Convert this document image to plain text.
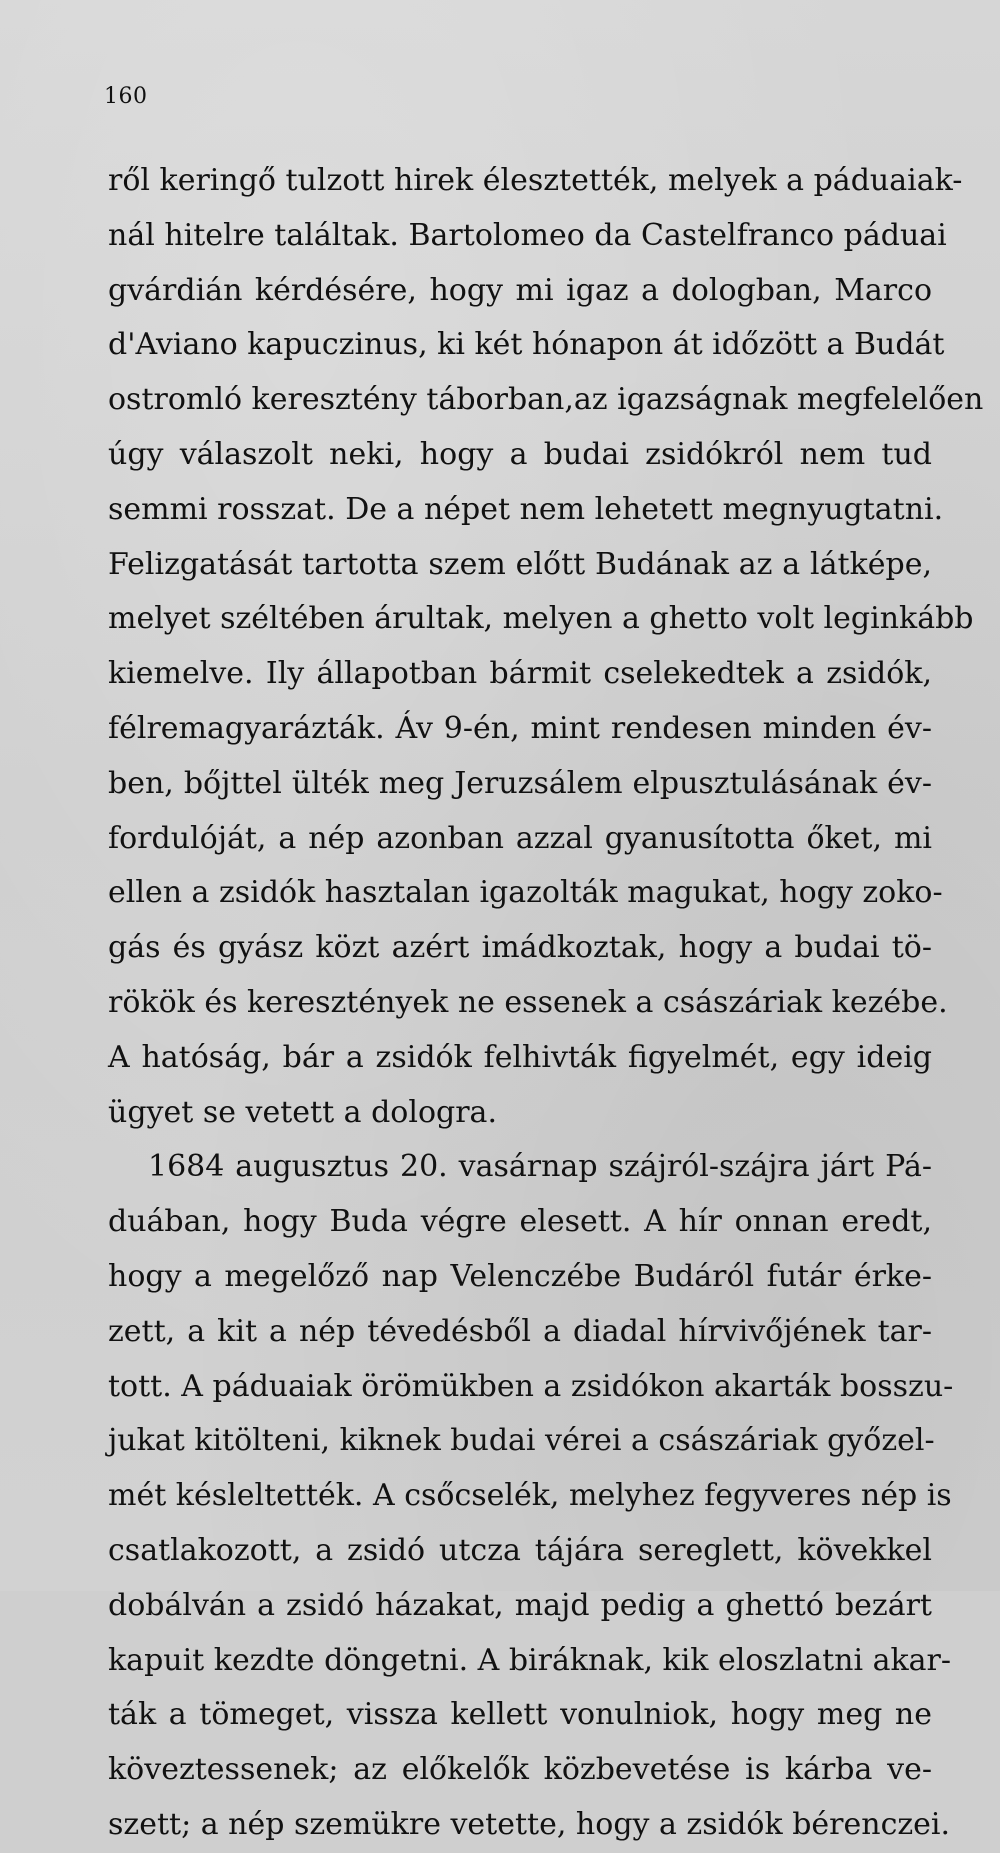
160
ről keringő tulzott hirek élesztették, melyek a páduaiak-
nál hitelre találtak. Bartolomeo da Castelfranco páduai
gvárdián kérdésére, hogy mi igaz a dologban, Marco
d'Aviano kapuczinus, ki két hónapon át időzött a Budát
ostromló keresztény táborban,az igazságnak megfelelően
úgy válaszolt neki, hogy a budai zsidókról nem tud
semmi rosszat. De a népet nem lehetett megnyugtatni.
Felizgatását tartotta szem előtt Budának az a látképe,
melyet széltében árultak, melyen a ghetto volt leginkább
kiemelve. Ily állapotban bármit cselekedtek a zsidók,
félremagyarázták. Áv 9-én, mint rendesen minden év-
ben, bőjttel ülték meg Jeruzsálem elpusztulásának év-
fordulóját, a nép azonban azzal gyanusította őket, mi
ellen a zsidók hasztalan igazolták magukat, hogy zoko-
gás és gyász közt azért imádkoztak, hogy a budai tö-
rökök és keresztények ne essenek a császáriak kezébe.
A hatóság, bár a zsidók felhivták figyelmét, egy ideig
ügyet se vetett a dologra.
1684 augusztus 20. vasárnap szájról-szájra járt Pá-
duában, hogy Buda végre elesett. A hír onnan eredt,
hogy a megelőző nap Velenczébe Budáról futár érke-
zett, a kit a nép tévedésből a diadal hírvivőjének tar-
tott. A páduaiak örömükben a zsidókon akarták bosszu-
jukat kitölteni, kiknek budai vérei a császáriak győzel-
mét késleltették. A csőcselék, melyhez fegyveres nép is
csatlakozott, a zsidó utcza tájára sereglett, kövekkel
dobálván a zsidó házakat, majd pedig a ghettó bezárt
kapuit kezdte döngetni. A biráknak, kik eloszlatni akar-
ták a tömeget, vissza kellett vonulniok, hogy meg ne
köveztessenek; az előkelők közbevetése is kárba ve-
szett; a nép szemükre vetette, hogy a zsidók bérenczei.
